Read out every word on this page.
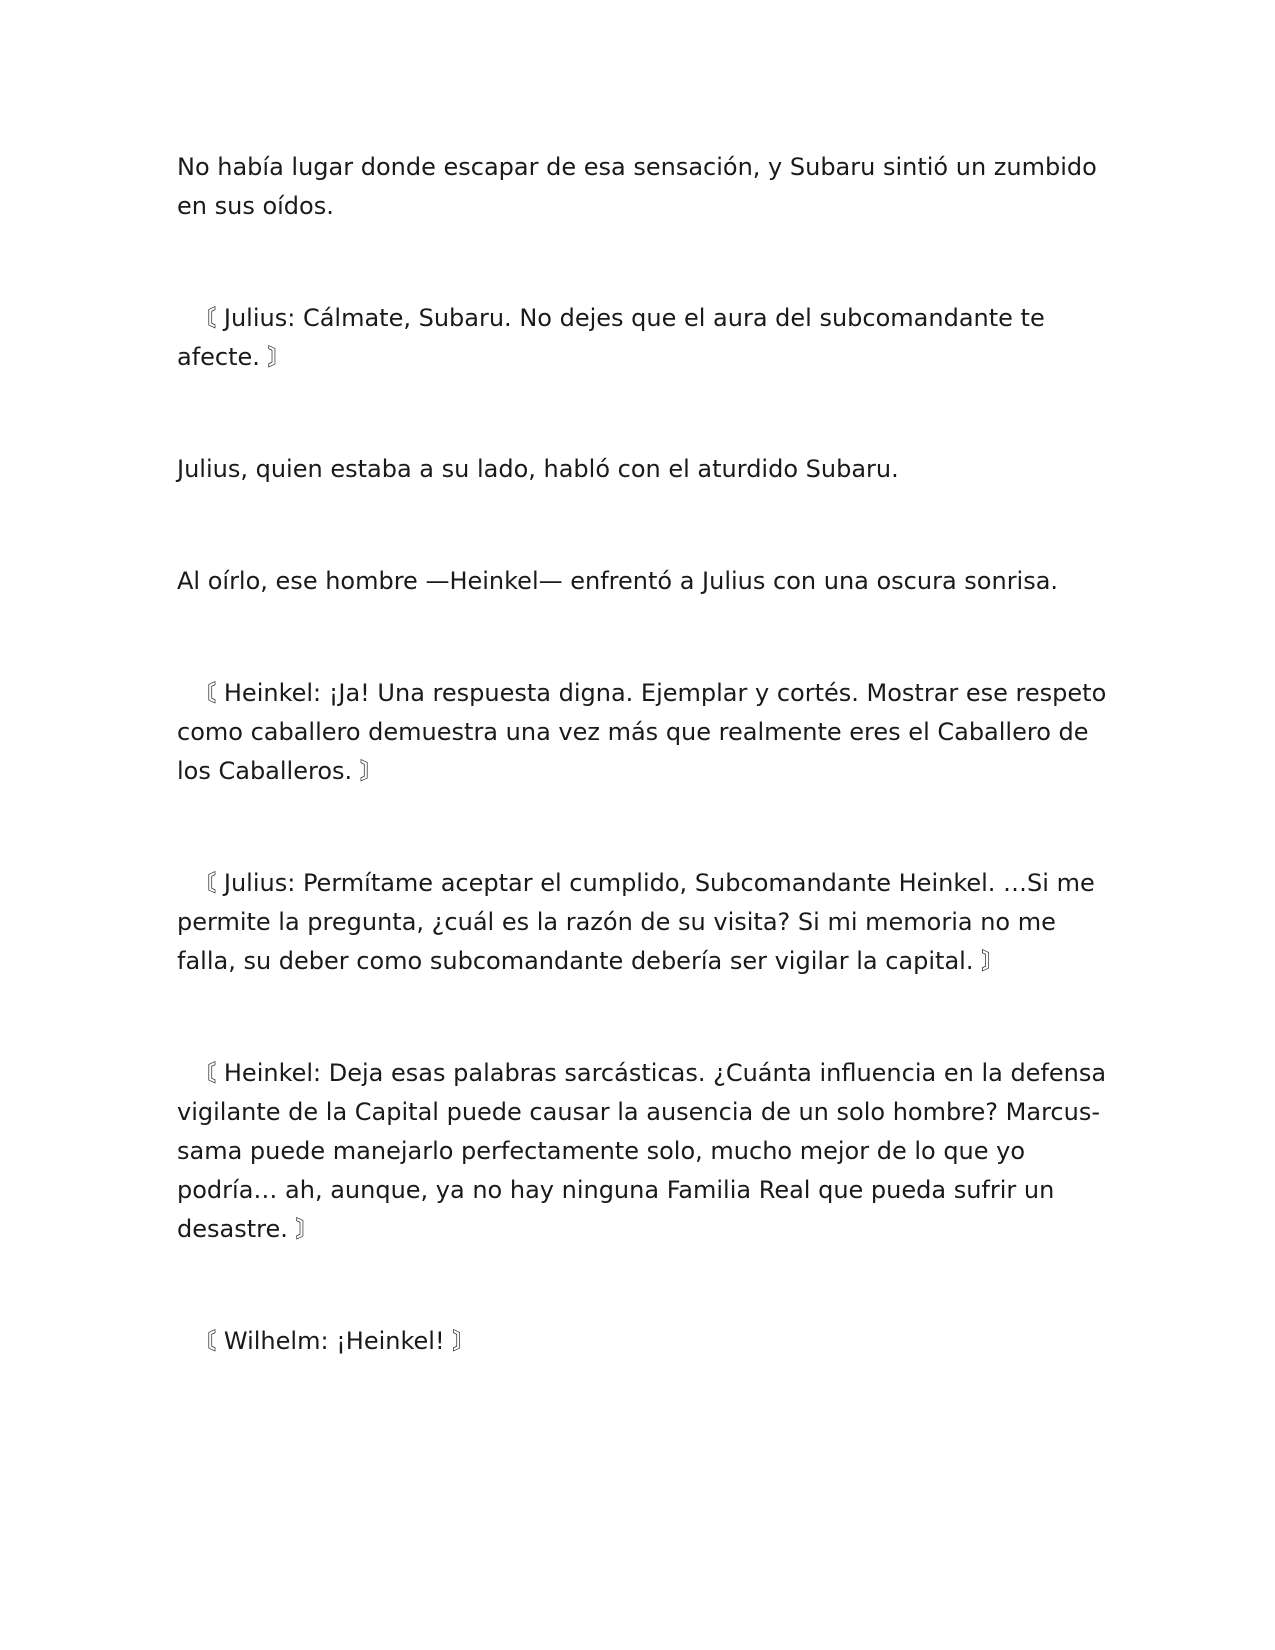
No había lugar donde escapar de esa sensación, y Subaru sintió un zumbido en sus oídos.

〘 Julius: Cálmate, Subaru. No dejes que el aura del subcomandante te afecte. 〙

Julius, quien estaba a su lado, habló con el aturdido Subaru.

Al oírlo, ese hombre —Heinkel— enfrentó a Julius con una oscura sonrisa.

〘 Heinkel: ¡Ja! Una respuesta digna. Ejemplar y cortés. Mostrar ese respeto como caballero demuestra una vez más que realmente eres el Caballero de los Caballeros. 〙

〘 Julius: Permítame aceptar el cumplido, Subcomandante Heinkel. …Si me permite la pregunta, ¿cuál es la razón de su visita? Si mi memoria no me falla, su deber como subcomandante debería ser vigilar la capital. 〙

〘 Heinkel: Deja esas palabras sarcásticas. ¿Cuánta influencia en la defensa vigilante de la Capital puede causar la ausencia de un solo hombre? Marcus-sama puede manejarlo perfectamente solo, mucho mejor de lo que yo podría… ah, aunque, ya no hay ninguna Familia Real que pueda sufrir un desastre. 〙

〘 Wilhelm: ¡Heinkel! 〙
